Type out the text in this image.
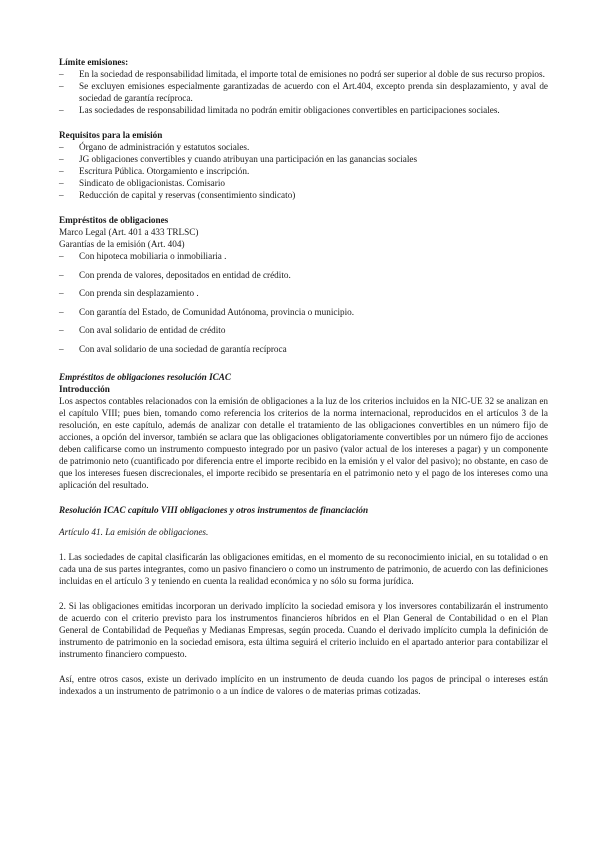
Límite emisiones:

– En la sociedad de responsabilidad limitada, el importe total de emisiones no podrá ser superior al doble de sus recurso propios.
– Se excluyen emisiones especialmente garantizadas de acuerdo con el Art.404, excepto prenda sin desplazamiento, y aval de sociedad de garantía recíproca.
– Las sociedades de responsabilidad limitada no podrán emitir obligaciones convertibles en participaciones sociales.

Requisitos para la emisión

– Órgano de administración y estatutos sociales.
– JG obligaciones convertibles y cuando atribuyan una participación en las ganancias sociales
– Escritura Pública. Otorgamiento e inscripción.
– Sindicato de obligacionistas. Comisario
– Reducción de capital y reservas (consentimiento sindicato)

Empréstitos de obligaciones

Marco Legal (Art. 401 a 433 TRLSC)

Garantías de la emisión (Art. 404)

– Con hipoteca mobiliaria o inmobiliaria .
– Con prenda de valores, depositados en entidad de crédito.
– Con prenda sin desplazamiento .
– Con garantía del Estado, de Comunidad Autónoma, provincia o municipio.
– Con aval solidario de entidad de crédito
– Con aval solidario de una sociedad de garantía recíproca

Empréstitos de obligaciones resolución ICAC

Introducción

Los aspectos contables relacionados con la emisión de obligaciones a la luz de los criterios incluidos en la NIC-UE 32 se analizan en el capítulo VIII; pues bien, tomando como referencia los criterios de la norma internacional, reproducidos en el artículos 3 de la resolución, en este capítulo, además de analizar con detalle el tratamiento de las obligaciones convertibles en un número fijo de acciones, a opción del inversor, también se aclara que las obligaciones obligatoriamente convertibles por un número fijo de acciones deben calificarse como un instrumento compuesto integrado por un pasivo (valor actual de los intereses a pagar) y un componente de patrimonio neto (cuantificado por diferencia entre el importe recibido en la emisión y el valor del pasivo); no obstante, en caso de que los intereses fuesen discrecionales, el importe recibido se presentaría en el patrimonio neto y el pago de los intereses como una aplicación del resultado.

Resolución ICAC capítulo VIII obligaciones y otros instrumentos de financiación

Artículo 41. La emisión de obligaciones.

1. Las sociedades de capital clasificarán las obligaciones emitidas, en el momento de su reconocimiento inicial, en su totalidad o en cada una de sus partes integrantes, como un pasivo financiero o como un instrumento de patrimonio, de acuerdo con las definiciones incluidas en el artículo 3 y teniendo en cuenta la realidad económica y no sólo su forma jurídica.

2. Si las obligaciones emitidas incorporan un derivado implícito la sociedad emisora y los inversores contabilizarán el instrumento de acuerdo con el criterio previsto para los instrumentos financieros híbridos en el Plan General de Contabilidad o en el Plan General de Contabilidad de Pequeñas y Medianas Empresas, según proceda. Cuando el derivado implícito cumpla la definición de instrumento de patrimonio en la sociedad emisora, esta última seguirá el criterio incluido en el apartado anterior para contabilizar el instrumento financiero compuesto.

Así, entre otros casos, existe un derivado implícito en un instrumento de deuda cuando los pagos de principal o intereses están indexados a un instrumento de patrimonio o a un índice de valores o de materias primas cotizadas.
